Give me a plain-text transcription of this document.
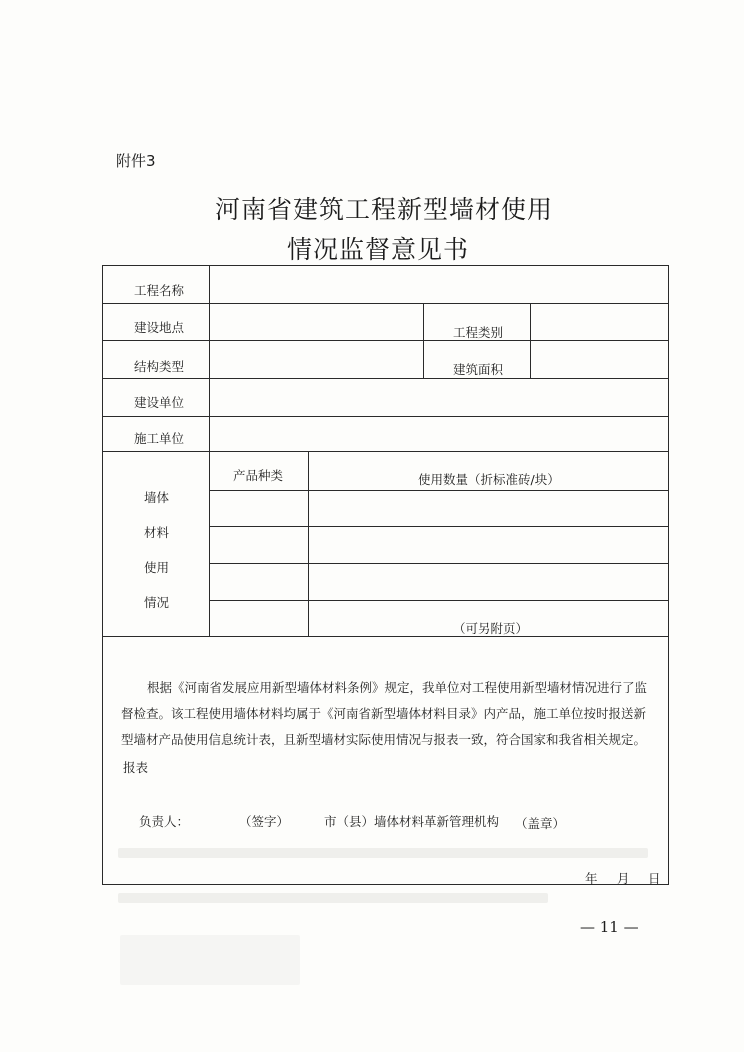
附件3
河南省建筑工程新型墙材使用
情况监督意见书
工程名称
建设地点	工程类别
结构类型	建筑面积
建设单位
施工单位
墙体
材料
使用
情况
产品种类	使用数量（折标准砖/块）
（可另附页）

根据《河南省发展应用新型墙体材料条例》规定，我单位对工程使用新型墙材情况进行了监督检查。该工程使用墙体材料均属于《河南省新型墙体材料目录》内产品，施工单位按时报送新型墙材产品使用信息统计表，且新型墙材实际使用情况与报表一致，符合国家和我省相关规定。

报表
负责人：	（签字）	市（县）墙体材料革新管理机构 （盖章）
年 月 日
— 11 —
